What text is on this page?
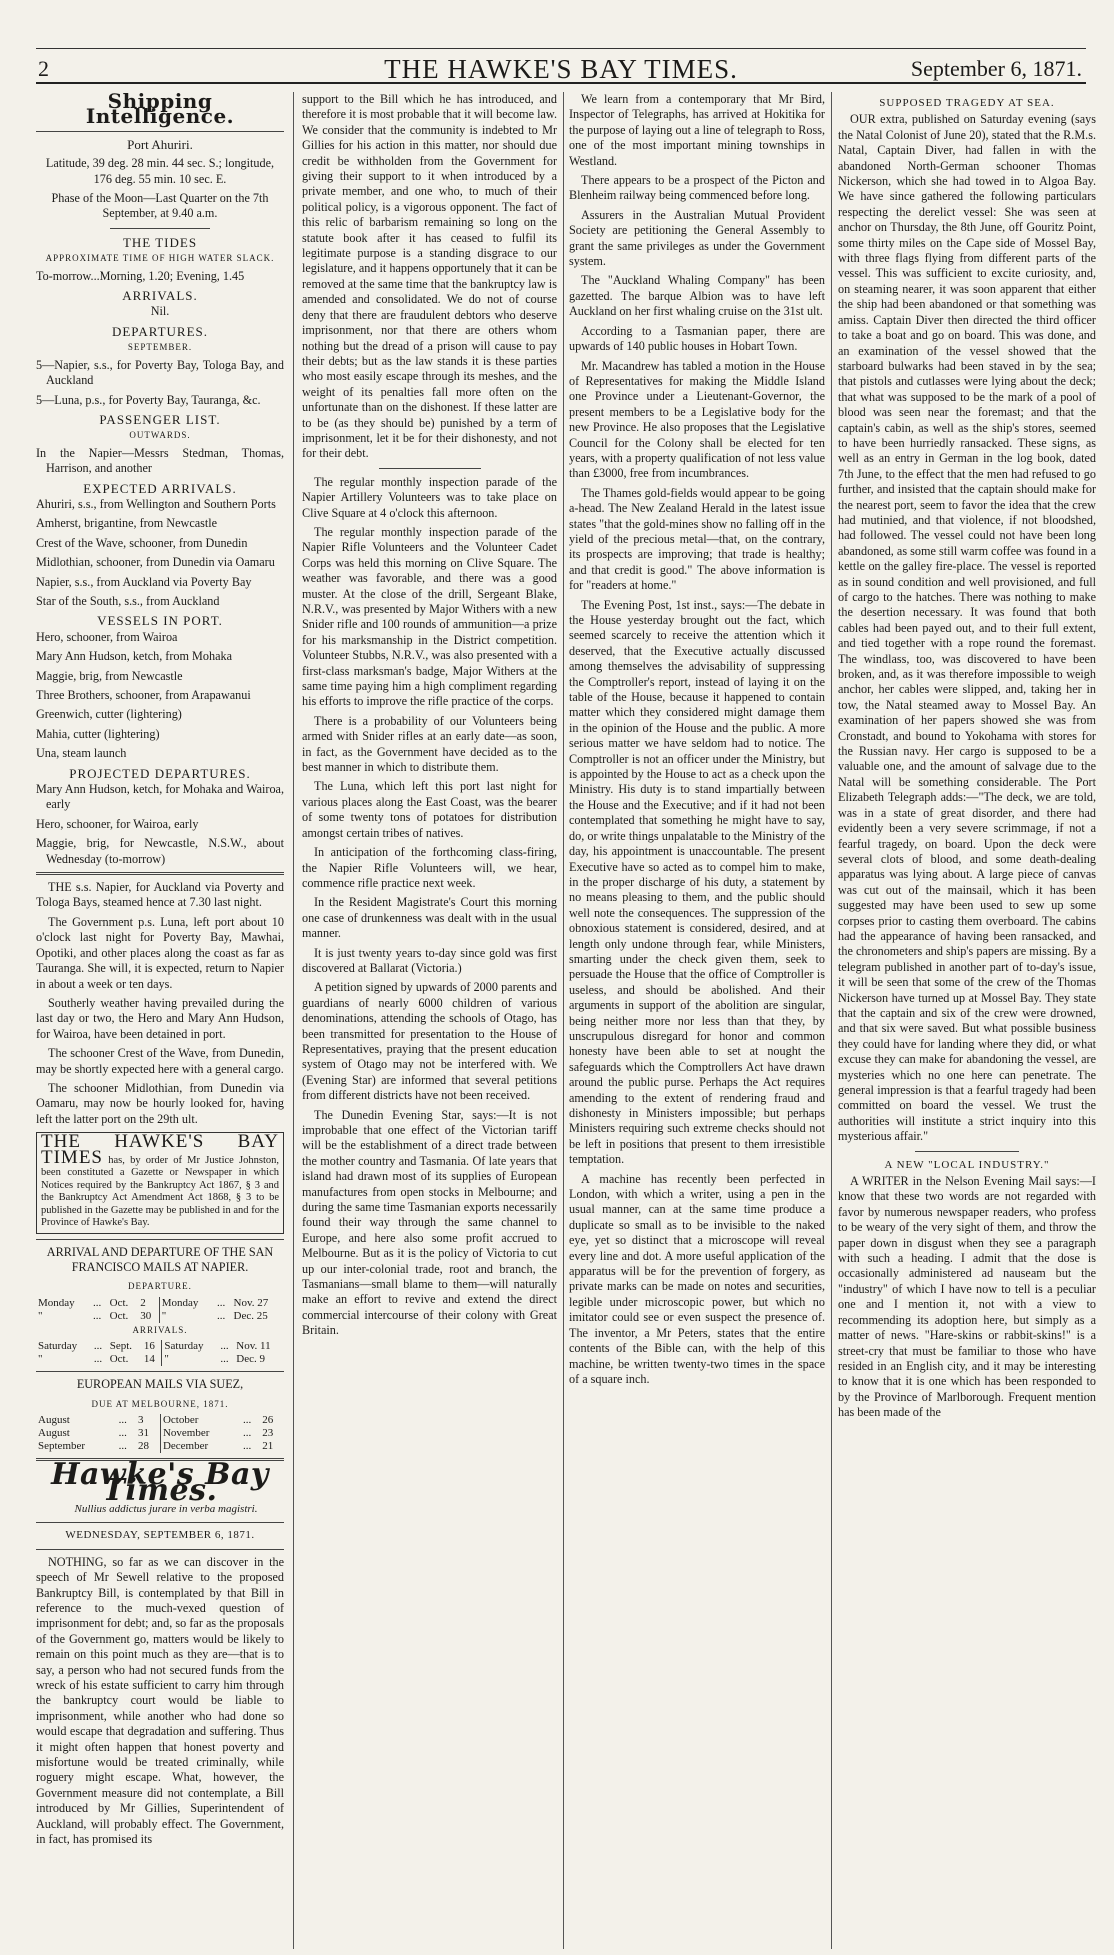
2	THE HAWKE'S BAY TIMES.	September 6, 1871.
Shipping Intelligence.

Port Ahuriri.

Latitude, 39 deg. 28 min. 44 sec. S.; longitude, 176 deg. 55 min. 10 sec. E.

Phase of the Moon—Last Quarter on the 7th September, at 9.40 a.m.

THE TIDES
APPROXIMATE TIME OF HIGH WATER SLACK.

To-morrow...Morning, 1.20; Evening, 1.45

ARRIVALS.

Nil.

DEPARTURES.
SEPTEMBER.

5—Napier, s.s., for Poverty Bay, Tologa Bay, and Auckland

5—Luna, p.s., for Poverty Bay, Tauranga, &c.

PASSENGER LIST.
OUTWARDS.

In the Napier—Messrs Stedman, Thomas, Harrison, and another

EXPECTED ARRIVALS.

Ahuriri, s.s., from Wellington and Southern Ports

Amherst, brigantine, from Newcastle

Crest of the Wave, schooner, from Dunedin

Midlothian, schooner, from Dunedin via Oamaru

Napier, s.s., from Auckland via Poverty Bay

Star of the South, s.s., from Auckland

VESSELS IN PORT.

Hero, schooner, from Wairoa

Mary Ann Hudson, ketch, from Mohaka

Maggie, brig, from Newcastle

Three Brothers, schooner, from Arapawanui

Greenwich, cutter (lightering)

Mahia, cutter (lightering)

Una, steam launch

PROJECTED DEPARTURES.

Mary Ann Hudson, ketch, for Mohaka and Wairoa, early

Hero, schooner, for Wairoa, early

Maggie, brig, for Newcastle, N.S.W., about Wednesday (to-morrow)

THE s.s. Napier, for Auckland via Poverty and Tologa Bays, steamed hence at 7.30 last night.

The Government p.s. Luna, left port about 10 o'clock last night for Poverty Bay, Mawhai, Opotiki, and other places along the coast as far as Tauranga. She will, it is expected, return to Napier in about a week or ten days.

Southerly weather having prevailed during the last day or two, the Hero and Mary Ann Hudson, for Wairoa, have been detained in port.

The schooner Crest of the Wave, from Dunedin, may be shortly expected here with a general cargo.

The schooner Midlothian, from Dunedin via Oamaru, may now be hourly looked for, having left the latter port on the 29th ult.

THE HAWKE'S BAY TIMES has, by order of Mr Justice Johnston, been constituted a Gazette or Newspaper in which Notices required by the Bankruptcy Act 1867, § 3 and the Bankruptcy Act Amendment Act 1868, § 3 to be published in the Gazette may be published in and for the Province of Hawke's Bay.

ARRIVAL AND DEPARTURE OF THE SAN FRANCISCO MAILS AT NAPIER.

DEPARTURE.
Monday	...	Oct.	2	Monday	...	Nov. 27
"	...	Oct.	30	"	...	Dec. 25
ARRIVALS.
Saturday	...	Sept.	16	Saturday	...	Nov. 11
"	...	Oct.	14	"	...	Dec. 9

EUROPEAN MAILS VIA SUEZ,

DUE AT MELBOURNE, 1871.
August	...	3	October	...	26
August	...	31	November	...	23
September	...	28	December	...	21
Hawke's Bay Times.

Nullius addictus jurare in verba magistri.

WEDNESDAY, SEPTEMBER 6, 1871.

NOTHING, so far as we can discover in the speech of Mr Sewell relative to the proposed Bankruptcy Bill, is contemplated by that Bill in reference to the much-vexed question of imprisonment for debt; and, so far as the proposals of the Government go, matters would be likely to remain on this point much as they are—that is to say, a person who had not secured funds from the wreck of his estate sufficient to carry him through the bankruptcy court would be liable to imprisonment, while another who had done so would escape that degradation and suffering. Thus it might often happen that honest poverty and misfortune would be treated criminally, while roguery might escape. What, however, the Government measure did not contemplate, a Bill introduced by Mr Gillies, Superintendent of Auckland, will probably effect. The Government, in fact, has promised its

support to the Bill which he has introduced, and therefore it is most probable that it will become law. We consider that the community is indebted to Mr Gillies for his action in this matter, nor should due credit be withholden from the Government for giving their support to it when introduced by a private member, and one who, to much of their political policy, is a vigorous opponent. The fact of this relic of barbarism remaining so long on the statute book after it has ceased to fulfil its legitimate purpose is a standing disgrace to our legislature, and it happens opportunely that it can be removed at the same time that the bankruptcy law is amended and consolidated. We do not of course deny that there are fraudulent debtors who deserve imprisonment, nor that there are others whom nothing but the dread of a prison will cause to pay their debts; but as the law stands it is these parties who most easily escape through its meshes, and the weight of its penalties fall more often on the unfortunate than on the dishonest. If these latter are to be (as they should be) punished by a term of imprisonment, let it be for their dishonesty, and not for their debt.

The regular monthly inspection parade of the Napier Artillery Volunteers was to take place on Clive Square at 4 o'clock this afternoon.

The regular monthly inspection parade of the Napier Rifle Volunteers and the Volunteer Cadet Corps was held this morning on Clive Square. The weather was favorable, and there was a good muster. At the close of the drill, Sergeant Blake, N.R.V., was presented by Major Withers with a new Snider rifle and 100 rounds of ammunition—a prize for his marksmanship in the District competition. Volunteer Stubbs, N.R.V., was also presented with a first-class marksman's badge, Major Withers at the same time paying him a high compliment regarding his efforts to improve the rifle practice of the corps.

There is a probability of our Volunteers being armed with Snider rifles at an early date—as soon, in fact, as the Government have decided as to the best manner in which to distribute them.

The Luna, which left this port last night for various places along the East Coast, was the bearer of some twenty tons of potatoes for distribution amongst certain tribes of natives.

In anticipation of the forthcoming class-firing, the Napier Rifle Volunteers will, we hear, commence rifle practice next week.

In the Resident Magistrate's Court this morning one case of drunkenness was dealt with in the usual manner.

It is just twenty years to-day since gold was first discovered at Ballarat (Victoria.)

A petition signed by upwards of 2000 parents and guardians of nearly 6000 children of various denominations, attending the schools of Otago, has been transmitted for presentation to the House of Representatives, praying that the present education system of Otago may not be interfered with. We (Evening Star) are informed that several petitions from different districts have not been received.

The Dunedin Evening Star, says:—It is not improbable that one effect of the Victorian tariff will be the establishment of a direct trade between the mother country and Tasmania. Of late years that island had drawn most of its supplies of European manufactures from open stocks in Melbourne; and during the same time Tasmanian exports necessarily found their way through the same channel to Europe, and here also some profit accrued to Melbourne. But as it is the policy of Victoria to cut up our inter-colonial trade, root and branch, the Tasmanians—small blame to them—will naturally make an effort to revive and extend the direct commercial intercourse of their colony with Great Britain.

We learn from a contemporary that Mr Bird, Inspector of Telegraphs, has arrived at Hokitika for the purpose of laying out a line of telegraph to Ross, one of the most important mining townships in Westland.

There appears to be a prospect of the Picton and Blenheim railway being commenced before long.

Assurers in the Australian Mutual Provident Society are petitioning the General Assembly to grant the same privileges as under the Government system.

The "Auckland Whaling Company" has been gazetted. The barque Albion was to have left Auckland on her first whaling cruise on the 31st ult.

According to a Tasmanian paper, there are upwards of 140 public houses in Hobart Town.

Mr. Macandrew has tabled a motion in the House of Representatives for making the Middle Island one Province under a Lieutenant-Governor, the present members to be a Legislative body for the new Province. He also proposes that the Legislative Council for the Colony shall be elected for ten years, with a property qualification of not less value than £3000, free from incumbrances.

The Thames gold-fields would appear to be going a-head. The New Zealand Herald in the latest issue states "that the gold-mines show no falling off in the yield of the precious metal—that, on the contrary, its prospects are improving; that trade is healthy; and that credit is good." The above information is for "readers at home."

The Evening Post, 1st inst., says:—The debate in the House yesterday brought out the fact, which seemed scarcely to receive the attention which it deserved, that the Executive actually discussed among themselves the advisability of suppressing the Comptroller's report, instead of laying it on the table of the House, because it happened to contain matter which they considered might damage them in the opinion of the House and the public. A more serious matter we have seldom had to notice. The Comptroller is not an officer under the Ministry, but is appointed by the House to act as a check upon the Ministry. His duty is to stand impartially between the House and the Executive; and if it had not been contemplated that something he might have to say, do, or write things unpalatable to the Ministry of the day, his appointment is unaccountable. The present Executive have so acted as to compel him to make, in the proper discharge of his duty, a statement by no means pleasing to them, and the public should well note the consequences. The suppression of the obnoxious statement is considered, desired, and at length only undone through fear, while Ministers, smarting under the check given them, seek to persuade the House that the office of Comptroller is useless, and should be abolished. And their arguments in support of the abolition are singular, being neither more nor less than that they, by unscrupulous disregard for honor and common honesty have been able to set at nought the safeguards which the Comptrollers Act have drawn around the public purse. Perhaps the Act requires amending to the extent of rendering fraud and dishonesty in Ministers impossible; but perhaps Ministers requiring such extreme checks should not be left in positions that present to them irresistible temptation.

A machine has recently been perfected in London, with which a writer, using a pen in the usual manner, can at the same time produce a duplicate so small as to be invisible to the naked eye, yet so distinct that a microscope will reveal every line and dot. A more useful application of the apparatus will be for the prevention of forgery, as private marks can be made on notes and securities, legible under microscopic power, but which no imitator could see or even suspect the presence of. The inventor, a Mr Peters, states that the entire contents of the Bible can, with the help of this machine, be written twenty-two times in the space of a square inch.

SUPPOSED TRAGEDY AT SEA.

OUR extra, published on Saturday evening (says the Natal Colonist of June 20), stated that the R.M.s. Natal, Captain Diver, had fallen in with the abandoned North-German schooner Thomas Nickerson, which she had towed in to Algoa Bay. We have since gathered the following particulars respecting the derelict vessel: She was seen at anchor on Thursday, the 8th June, off Gouritz Point, some thirty miles on the Cape side of Mossel Bay, with three flags flying from different parts of the vessel. This was sufficient to excite curiosity, and, on steaming nearer, it was soon apparent that either the ship had been abandoned or that something was amiss. Captain Diver then directed the third officer to take a boat and go on board. This was done, and an examination of the vessel showed that the starboard bulwarks had been staved in by the sea; that pistols and cutlasses were lying about the deck; that what was supposed to be the mark of a pool of blood was seen near the foremast; and that the captain's cabin, as well as the ship's stores, seemed to have been hurriedly ransacked. These signs, as well as an entry in German in the log book, dated 7th June, to the effect that the men had refused to go further, and insisted that the captain should make for the nearest port, seem to favor the idea that the crew had mutinied, and that violence, if not bloodshed, had followed. The vessel could not have been long abandoned, as some still warm coffee was found in a kettle on the galley fire-place. The vessel is reported as in sound condition and well provisioned, and full of cargo to the hatches. There was nothing to make the desertion necessary. It was found that both cables had been payed out, and to their full extent, and tied together with a rope round the foremast. The windlass, too, was discovered to have been broken, and, as it was therefore impossible to weigh anchor, her cables were slipped, and, taking her in tow, the Natal steamed away to Mossel Bay. An examination of her papers showed she was from Cronstadt, and bound to Yokohama with stores for the Russian navy. Her cargo is supposed to be a valuable one, and the amount of salvage due to the Natal will be something considerable. The Port Elizabeth Telegraph adds:—"The deck, we are told, was in a state of great disorder, and there had evidently been a very severe scrimmage, if not a fearful tragedy, on board. Upon the deck were several clots of blood, and some death-dealing apparatus was lying about. A large piece of canvas was cut out of the mainsail, which it has been suggested may have been used to sew up some corpses prior to casting them overboard. The cabins had the appearance of having been ransacked, and the chronometers and ship's papers are missing. By a telegram published in another part of to-day's issue, it will be seen that some of the crew of the Thomas Nickerson have turned up at Mossel Bay. They state that the captain and six of the crew were drowned, and that six were saved. But what possible business they could have for landing where they did, or what excuse they can make for abandoning the vessel, are mysteries which no one here can penetrate. The general impression is that a fearful tragedy had been committed on board the vessel. We trust the authorities will institute a strict inquiry into this mysterious affair."

A NEW "LOCAL INDUSTRY."

A WRITER in the Nelson Evening Mail says:—I know that these two words are not regarded with favor by numerous newspaper readers, who profess to be weary of the very sight of them, and throw the paper down in disgust when they see a paragraph with such a heading. I admit that the dose is occasionally administered ad nauseam but the "industry" of which I have now to tell is a peculiar one and I mention it, not with a view to recommending its adoption here, but simply as a matter of news. "Hare-skins or rabbit-skins!" is a street-cry that must be familiar to those who have resided in an English city, and it may be interesting to know that it is one which has been responded to by the Province of Marlborough. Frequent mention has been made of the
